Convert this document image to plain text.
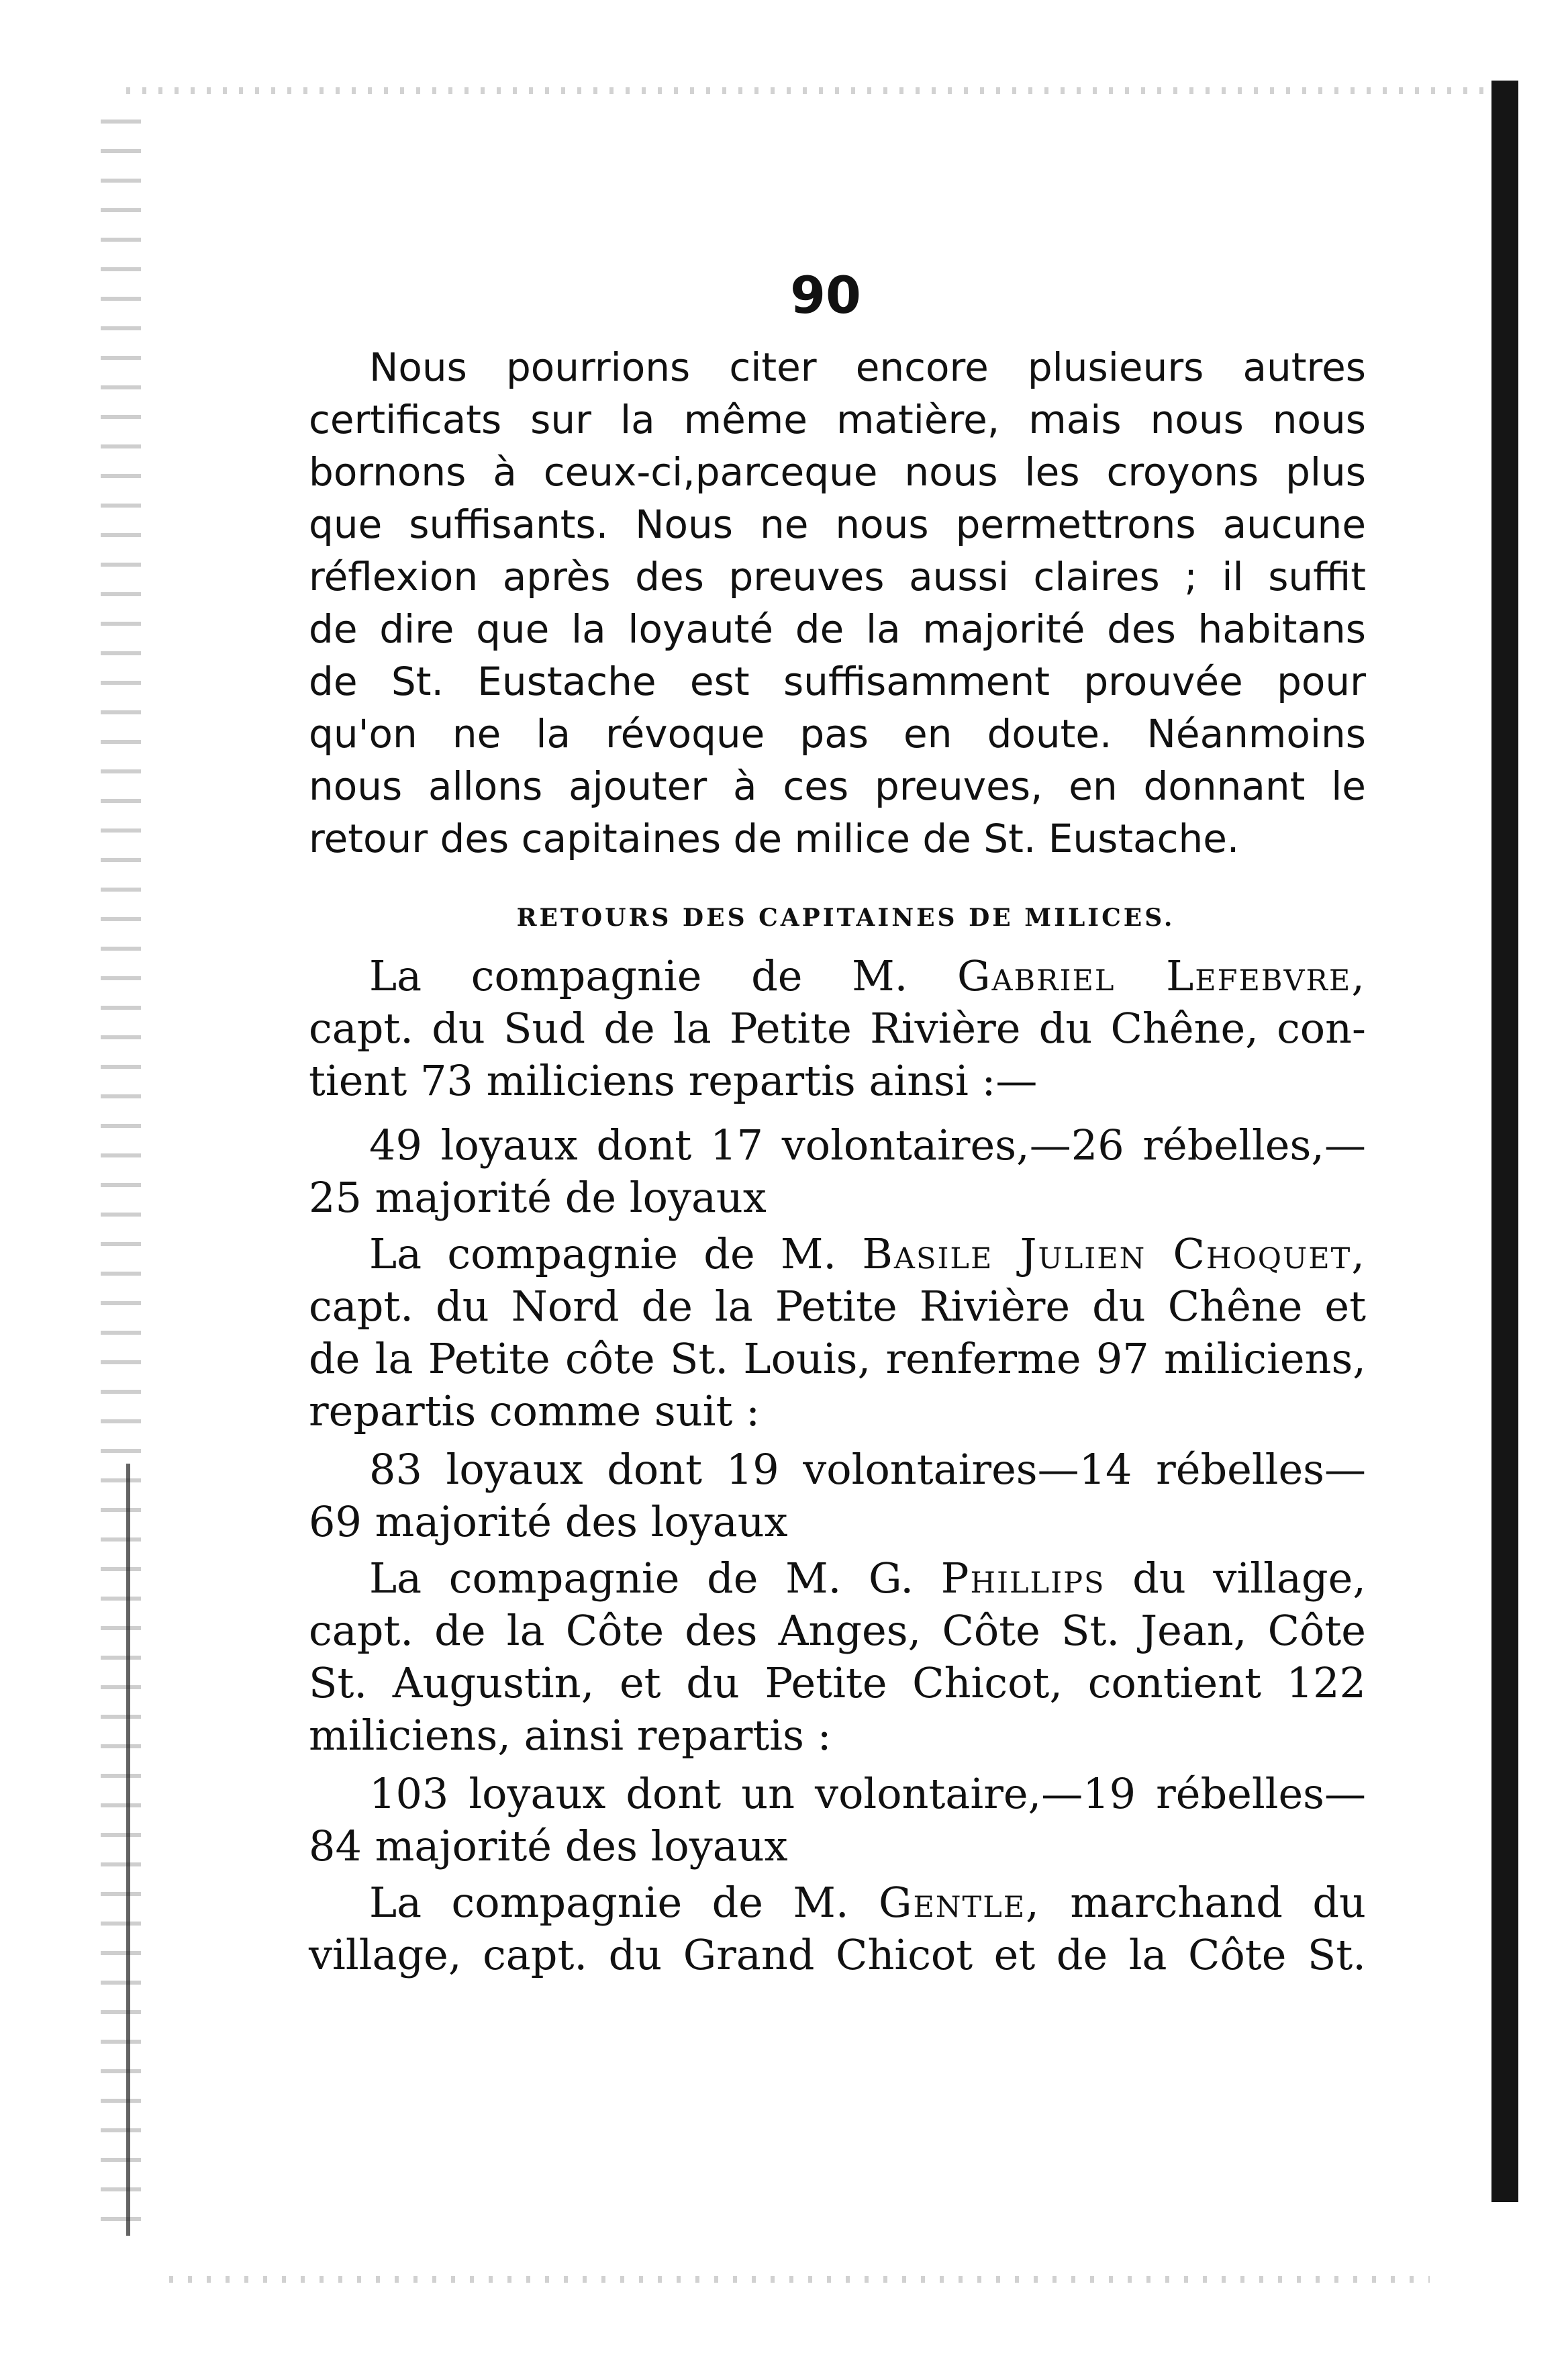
90
Nous pourrions citer encore plusieurs autres
certificats sur la même matière, mais nous nous
bornons à ceux-ci,parceque nous les croyons plus
que suffisants. Nous ne nous permettrons aucune
réflexion après des preuves aussi claires ; il suffit
de dire que la loyauté de la majorité des habitans
de St. Eustache est suffisamment prouvée pour
qu'on ne la révoque pas en doute. Néanmoins
nous allons ajouter à ces preuves, en donnant le
retour des capitaines de milice de St. Eustache.
RETOURS DES CAPITAINES DE MILICES.
La compagnie de M. Gabriel Lefebvre,
capt. du Sud de la Petite Rivière du Chêne, con-
tient 73 miliciens repartis ainsi :—
49 loyaux dont 17 volontaires,—26 rébelles,—
25 majorité de loyaux
La compagnie de M. Basile Julien Choquet,
capt. du Nord de la Petite Rivière du Chêne et
de la Petite côte St. Louis, renferme 97 miliciens,
repartis comme suit :
83 loyaux dont 19 volontaires—14 rébelles—
69 majorité des loyaux
La compagnie de M. G. Phillips du village,
capt. de la Côte des Anges, Côte St. Jean, Côte
St. Augustin, et du Petite Chicot, contient 122
miliciens, ainsi repartis :
103 loyaux dont un volontaire,—19 rébelles—
84 majorité des loyaux
La compagnie de M. Gentle, marchand du
village, capt. du Grand Chicot et de la Côte St.
